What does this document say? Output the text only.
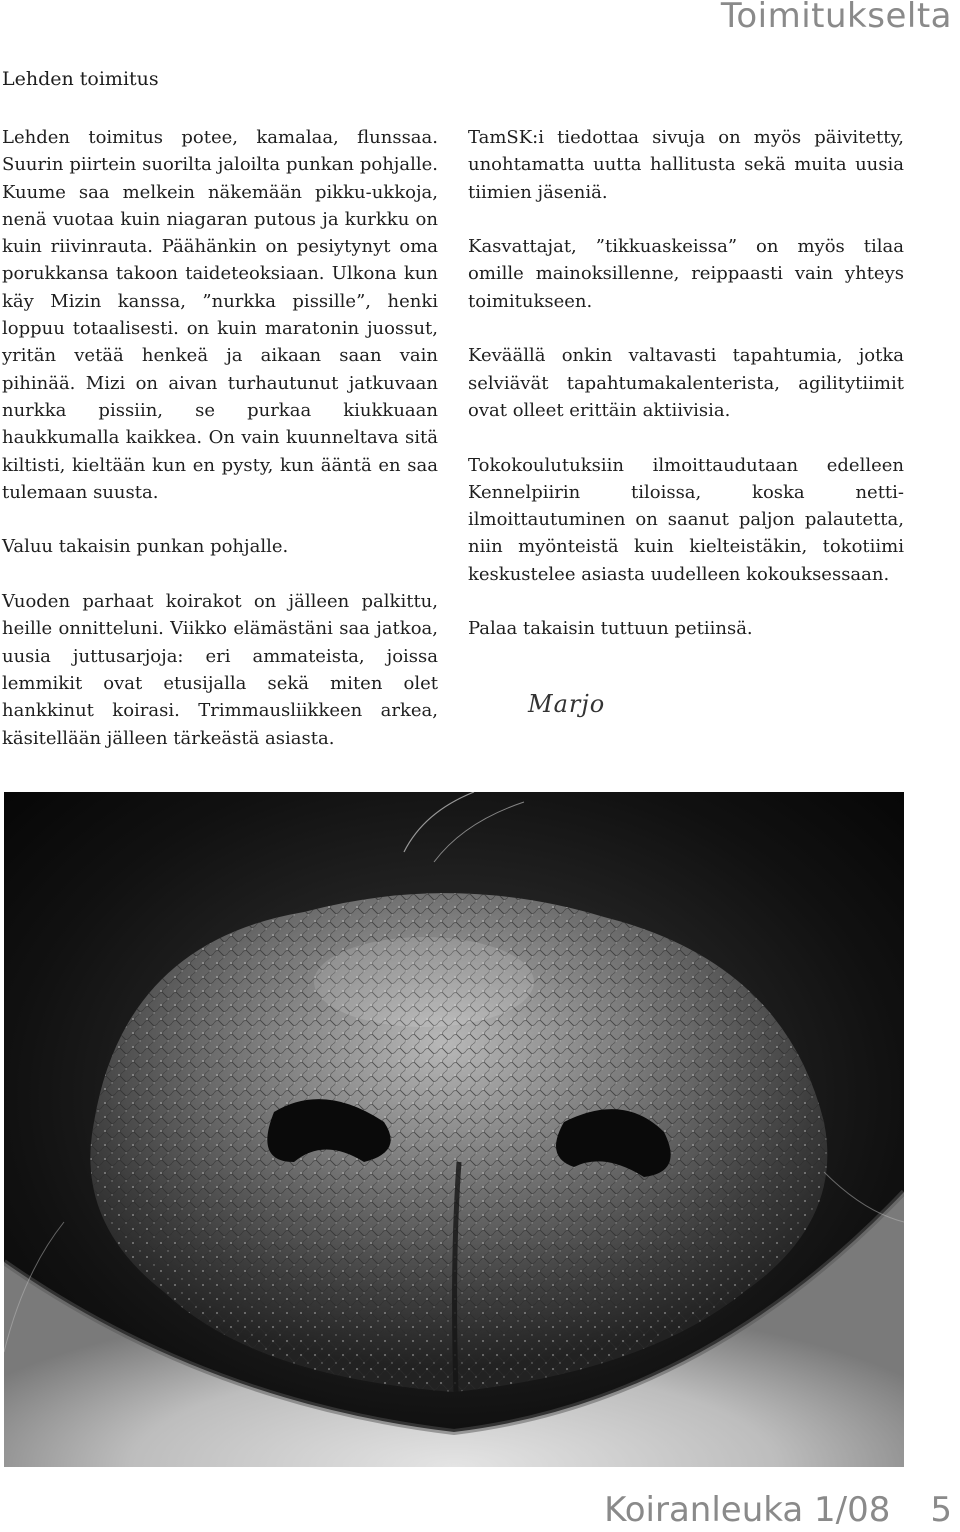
Toimitukselta
Lehden toimitus

Lehden toimitus potee, kamalaa, flunssaa. Suurin piirtein suorilta jaloilta punkan pohjalle. Kuume saa melkein näkemään pikku-ukkoja, nenä vuotaa kuin niagaran putous ja kurkku on kuin riivinrauta. Päähänkin on pesiytynyt oma porukkansa takoon taideteoksiaan. Ulkona kun käy Mizin kanssa, ”nurkka pissille”, henki loppuu totaalisesti. on kuin maratonin juossut, yritän vetää henkeä ja aikaan saan vain pihinää. Mizi on aivan turhautunut jatkuvaan nurkka pissiin, se purkaa kiukkuaan haukkumalla kaikkea. On vain kuunneltava sitä kiltisti, kieltään kun en pysty, kun ääntä en saa tulemaan suusta.

Valuu takaisin punkan pohjalle.

Vuoden parhaat koirakot on jälleen palkittu, heille onnitteluni. Viikko elämästäni saa jatkoa, uusia juttusarjoja: eri ammateista, joissa lemmikit ovat etusijalla sekä miten olet hankkinut koirasi. Trimmausliikkeen arkea, käsitellään jälleen tärkeästä asiasta.

TamSK:i tiedottaa sivuja on myös päivitetty, unohtamatta uutta hallitusta sekä muita uusia tiimien jäseniä.

Kasvattajat, ”tikkuaskeissa” on myös tilaa omille mainoksillenne, reippaasti vain yhteys toimitukseen.

Keväällä onkin valtavasti tapahtumia, jotka selviävät tapahtumakalenterista, agilitytiimit ovat olleet erittäin aktiivisia.

Tokokoulutuksiin ilmoittaudutaan edelleen Kennelpiirin tiloissa, koska netti-ilmoittautuminen on saanut paljon palautetta, niin myönteistä kuin kielteistäkin, tokotiimi keskustelee asiasta uudelleen kokouksessaan.

Palaa takaisin tuttuun petiinsä.

Marjo
Koiranleuka 1/08 5
